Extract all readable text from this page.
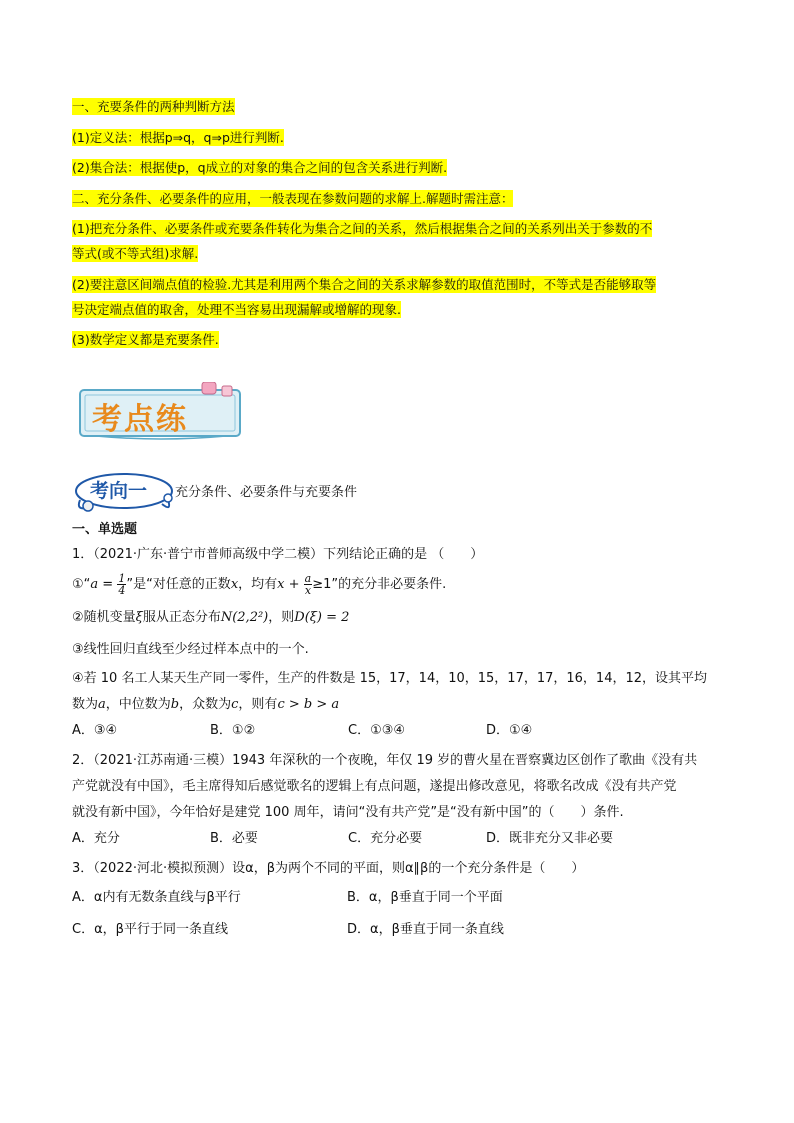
一、充要条件的两种判断方法
(1)定义法：根据p⇒q，q⇒p进行判断.
(2)集合法：根据使p，q成立的对象的集合之间的包含关系进行判断.
二、充分条件、必要条件的应用，一般表现在参数问题的求解上.解题时需注意：
(1)把充分条件、必要条件或充要条件转化为集合之间的关系，然后根据集合之间的关系列出关于参数的不
等式(或不等式组)求解.
(2)要注意区间端点值的检验.尤其是利用两个集合之间的关系求解参数的取值范围时，不等式是否能够取等
号决定端点值的取舍，处理不当容易出现漏解或增解的现象.
(3)数学定义都是充要条件.
考点练
考向一 充分条件、必要条件与充要条件
一、单选题
1．（2021·广东·普宁市普师高级中学二模）下列结论正确的是 （　　）
①“a = $\frac{1}{4}$ ”是“对任意的正数x，均有$x + \frac{a}{x} \ge 1$”的充分非必要条件.
②随机变量ξ服从正态分布N(2,2²)，则D(ξ) = 2
③线性回归直线至少经过样本点中的一个.
④若 10 名工人某天生产同一零件，生产的件数是 15，17，14，10，15，17，17，16，14，12，设其平均
数为a，中位数为b，众数为c，则有c > b > a
A．③④	B．①②	C．①③④	D．①④
2．（2021·江苏南通·三模）1943 年深秋的一个夜晚，年仅 19 岁的曹火星在晋察冀边区创作了歌曲《没有共
产党就没有中国》，毛主席得知后感觉歌名的逻辑上有点问题，遂提出修改意见，将歌名改成《没有共产党
就没有新中国》，今年恰好是建党 100 周年，请问“没有共产党”是“没有新中国”的（　　）条件.
A．充分	B．必要	C．充分必要	D．既非充分又非必要
3．（2022·河北·模拟预测）设α，β为两个不同的平面，则α∥β的一个充分条件是（　　）
A．α内有无数条直线与β平行	B．α，β垂直于同一个平面
C．α，β平行于同一条直线	D．α，β垂直于同一条直线
